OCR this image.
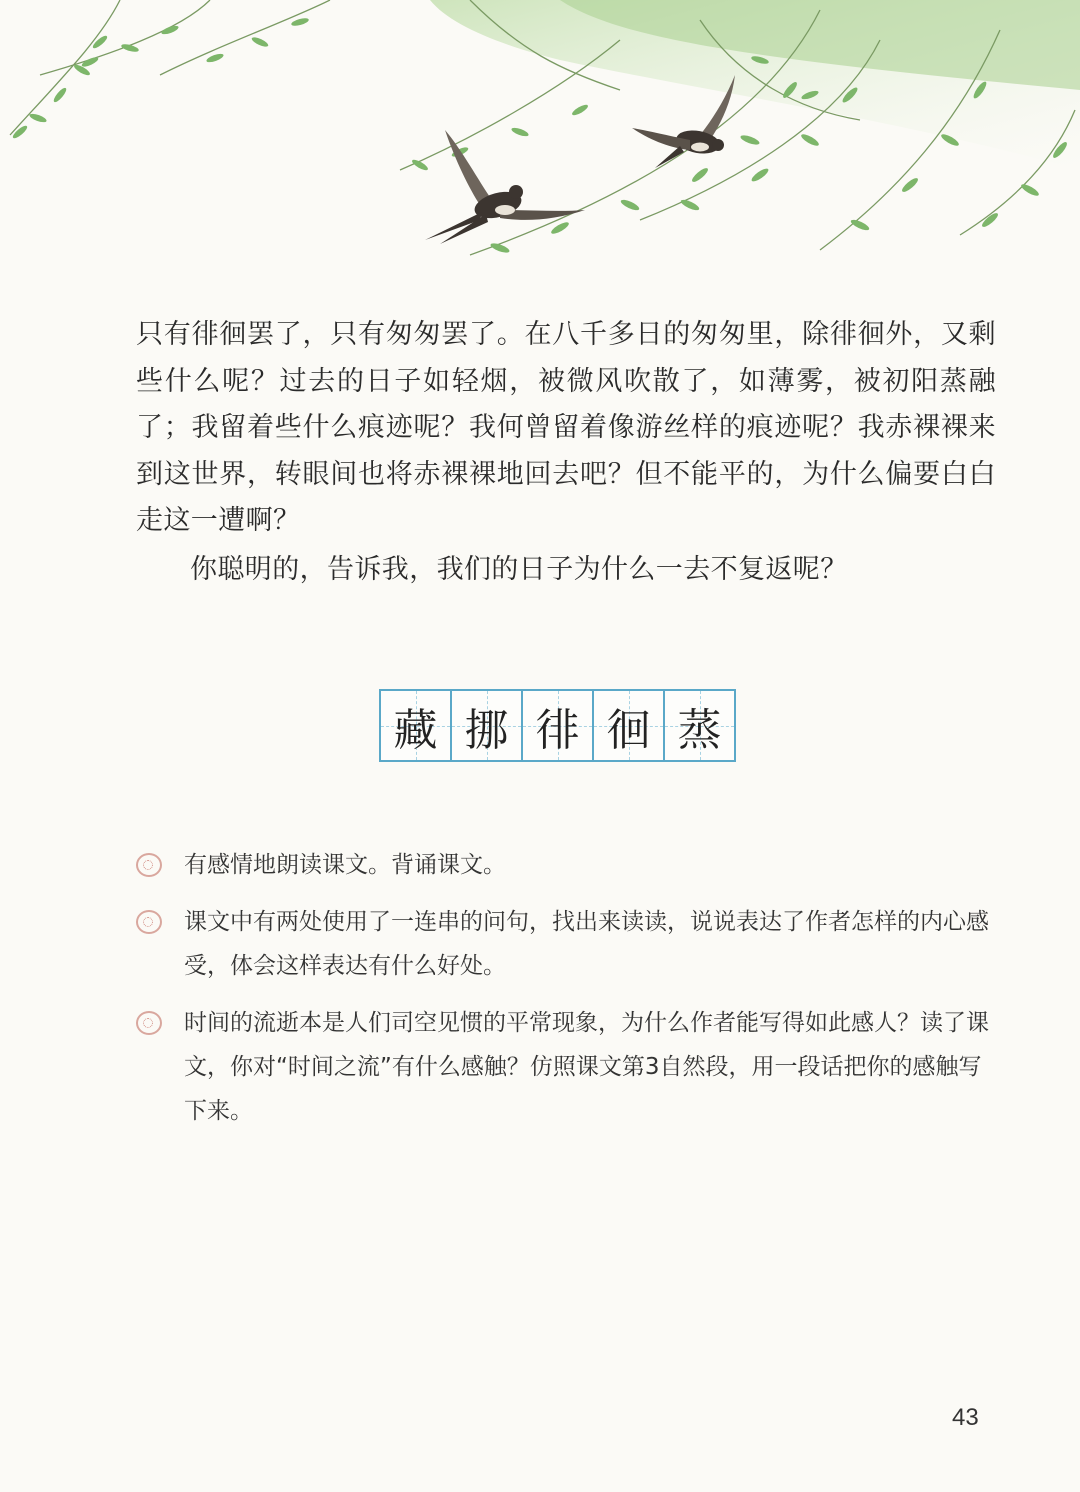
只有徘徊罢了，只有匆匆罢了。在八千多日的匆匆里，除徘徊外，又剩些什么呢？过去的日子如轻烟，被微风吹散了，如薄雾，被初阳蒸融了；我留着些什么痕迹呢？我何曾留着像游丝样的痕迹呢？我赤裸裸来到这世界，转眼间也将赤裸裸地回去吧？但不能平的，为什么偏要白白走这一遭啊？

你聪明的，告诉我，我们的日子为什么一去不复返呢？

藏 挪 徘 徊 蒸
有感情地朗读课文。背诵课文。
课文中有两处使用了一连串的问句，找出来读读，说说表达了作者怎样的内心感受，体会这样表达有什么好处。
时间的流逝本是人们司空见惯的平常现象，为什么作者能写得如此感人？读了课文，你对“时间之流”有什么感触？仿照课文第3自然段，用一段话把你的感触写下来。
43
